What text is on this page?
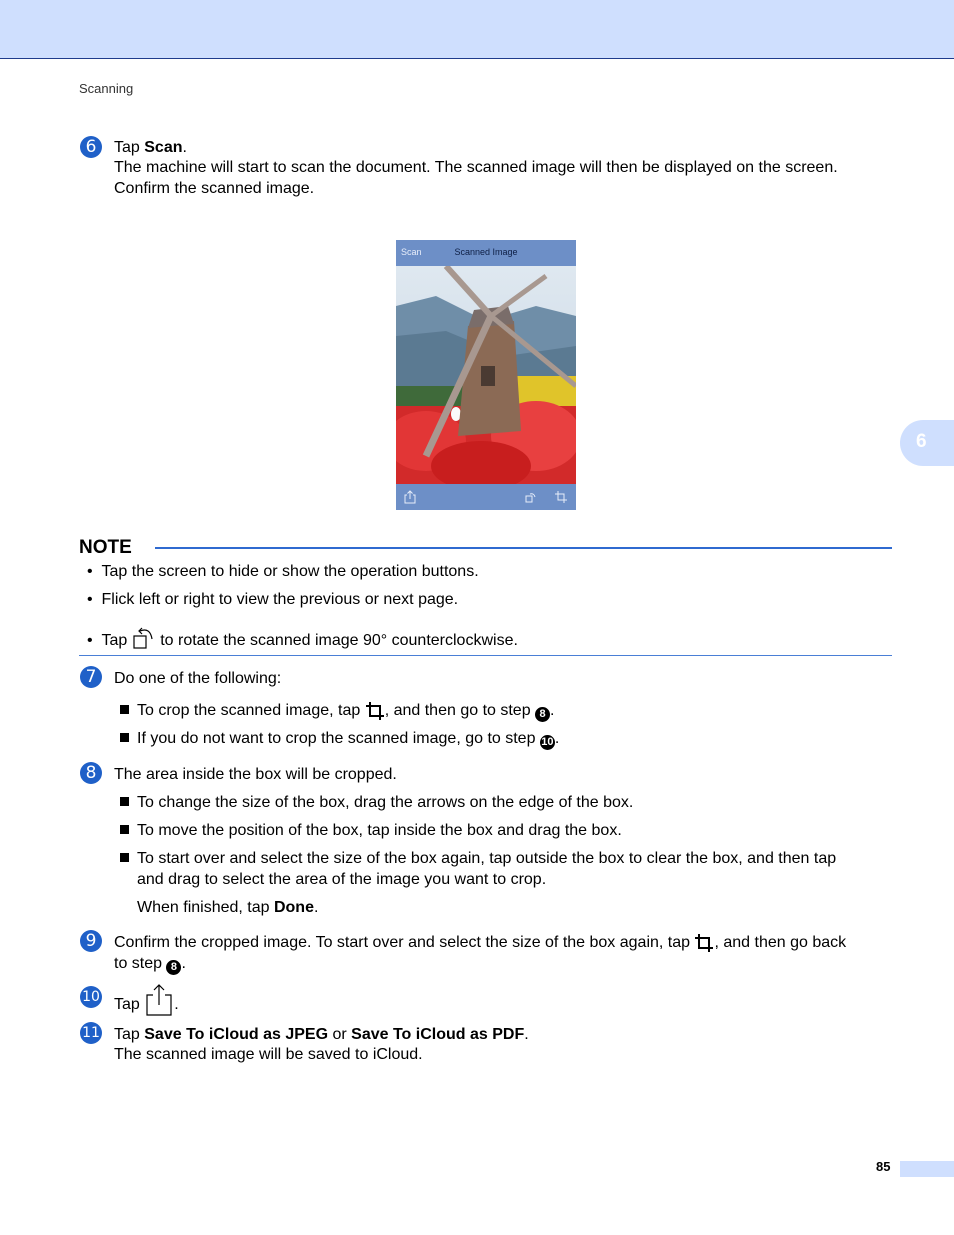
Scanning
6
6	Tap Scan.
The machine will start to scan the document. The scanned image will then be displayed on the screen.
Confirm the scanned image.
Scan	Scanned Image
NOTE
•  Tap the screen to hide or show the operation buttons.
•  Flick left or right to view the previous or next page.
•  Tap  to rotate the scanned image 90° counterclockwise.
7	Do one of the following:
To crop the scanned image, tap , and then go to step 8 .
If you do not want to crop the scanned image, go to step 10.
8	The area inside the box will be cropped.
To change the size of the box, drag the arrows on the edge of the box.
To move the position of the box, tap inside the box and drag the box.
To start over and select the size of the box again, tap outside the box to clear the box, and then tap
and drag to select the area of the image you want to crop.
When finished, tap Done.
9	Confirm the cropped image. To start over and select the size of the box again, tap , and then go back
to step 8 .
10 Tap .
11 Tap Save To iCloud as JPEG or Save To iCloud as PDF.
The scanned image will be saved to iCloud.
85
